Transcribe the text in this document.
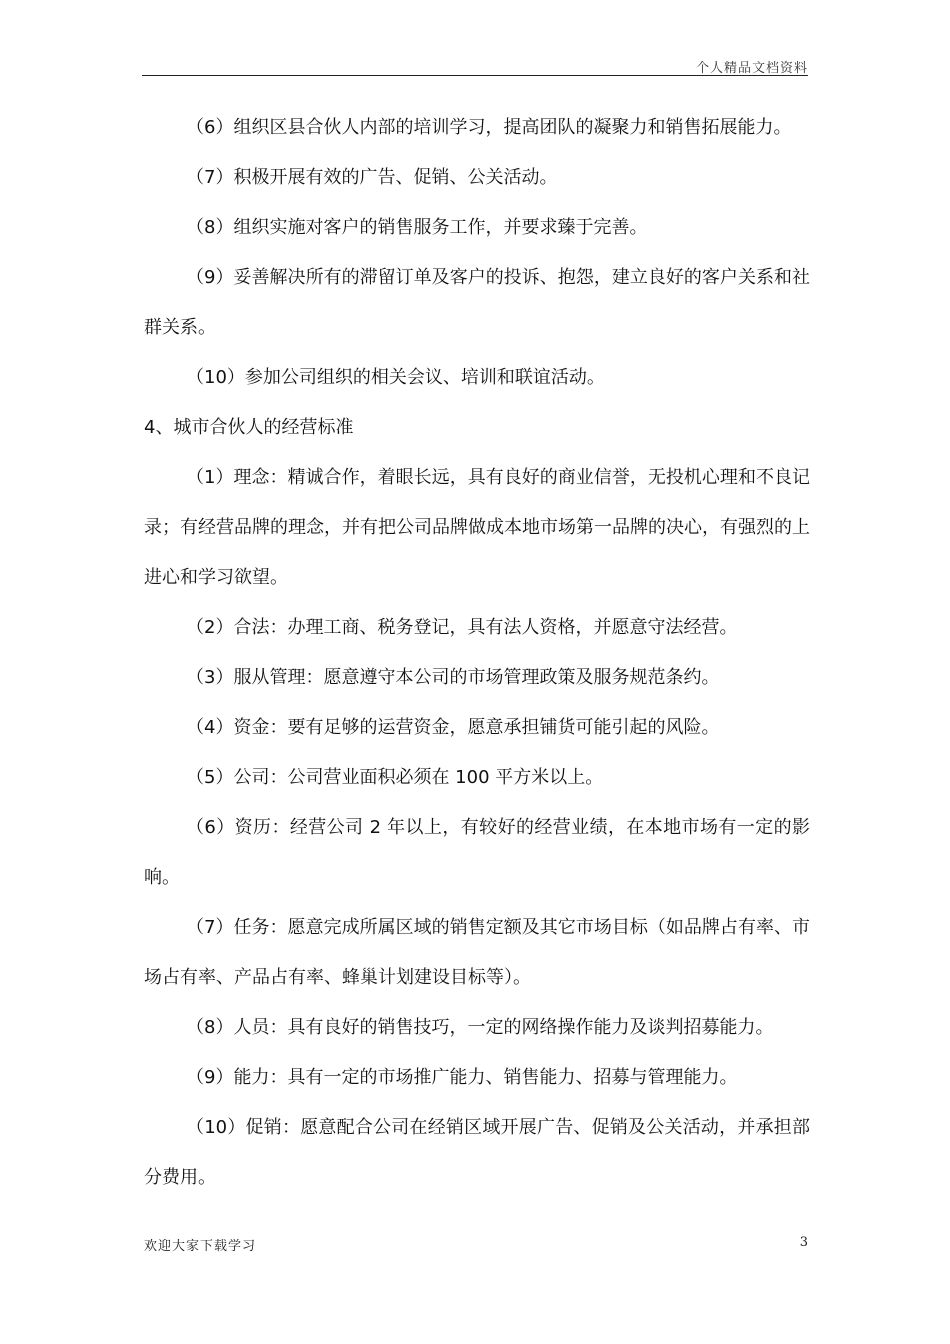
个人精品文档资料

（6）组织区县合伙人内部的培训学习，提高团队的凝聚力和销售拓展能力。

（7）积极开展有效的广告、促销、公关活动。

（8）组织实施对客户的销售服务工作，并要求臻于完善。

（9）妥善解决所有的滞留订单及客户的投诉、抱怨，建立良好的客户关系和社群关系。

（10）参加公司组织的相关会议、培训和联谊活动。

4、城市合伙人的经营标准

（1）理念：精诚合作，着眼长远，具有良好的商业信誉，无投机心理和不良记录；有经营品牌的理念，并有把公司品牌做成本地市场第一品牌的决心，有强烈的上进心和学习欲望。

（2）合法：办理工商、税务登记，具有法人资格，并愿意守法经营。

（3）服从管理：愿意遵守本公司的市场管理政策及服务规范条约。

（4）资金：要有足够的运营资金，愿意承担铺货可能引起的风险。

（5）公司：公司营业面积必须在 100 平方米以上。

（6）资历：经营公司 2 年以上，有较好的经营业绩，在本地市场有一定的影响。

（7）任务：愿意完成所属区域的销售定额及其它市场目标（如品牌占有率、市场占有率、产品占有率、蜂巢计划建设目标等）。

（8）人员：具有良好的销售技巧，一定的网络操作能力及谈判招募能力。

（9）能力：具有一定的市场推广能力、销售能力、招募与管理能力。

（10）促销：愿意配合公司在经销区域开展广告、促销及公关活动，并承担部分费用。

欢迎大家下载学习	3
